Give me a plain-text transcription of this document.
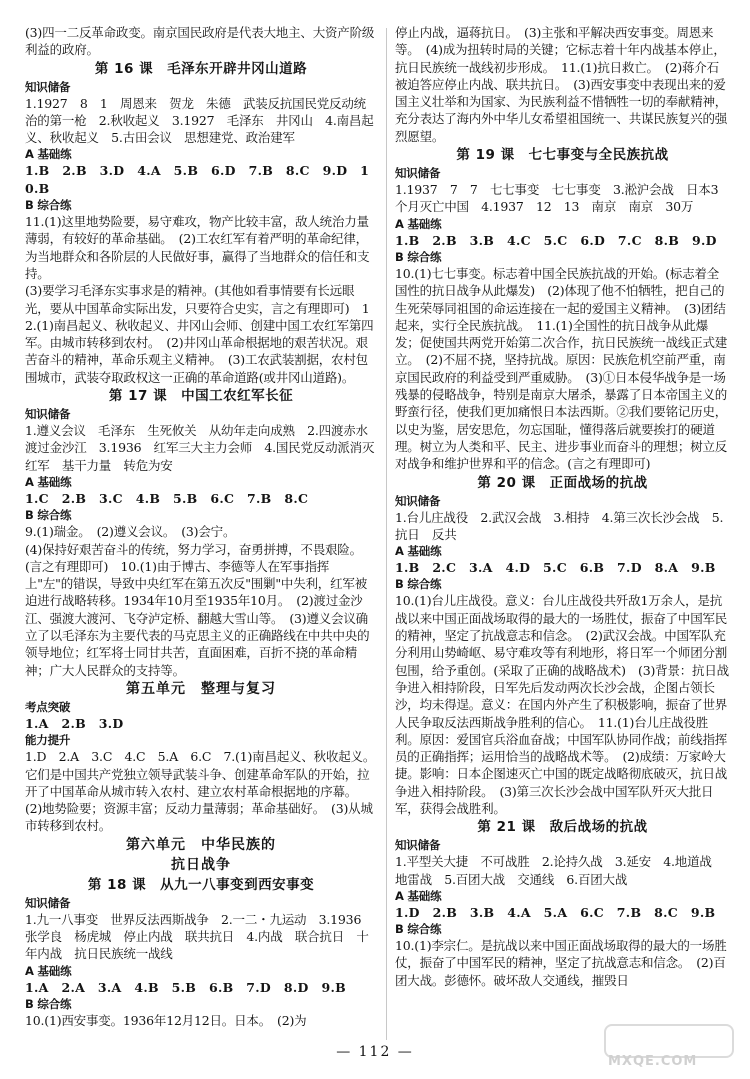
(3)四一二反革命政变。南京国民政府是代表大地主、大资产阶级利益的政府。
第 16 课　毛泽东开辟井冈山道路
知识储备
1.1927　8　1　周恩来　贺龙　朱德　武装反抗国民党反动统治的第一枪　2.秋收起义　3.1927　毛泽东　井冈山　4.南昌起义、秋收起义　5.古田会议　思想建党、政治建军
A 基础练
1.B　2.B　3.D　4.A　5.B　6.D　7.B　8.C　9.D　10.B
B 综合练
11.(1)这里地势险要，易守难攻，物产比较丰富，敌人统治力量薄弱，有较好的革命基础。　(2)工农红军有着严明的革命纪律，为当地群众和各阶层的人民做好事，赢得了当地群众的信任和支持。
(3)要学习毛泽东实事求是的精神。(其他如看事情要有长远眼光，要从中国革命实际出发，只要符合史实，言之有理即可)　12.(1)南昌起义、秋收起义、井冈山会师、创建中国工农红军第四军。由城市转移到农村。　(2)井冈山革命根据地的艰苦状况。艰苦奋斗的精神，革命乐观主义精神。　(3)工农武装割据，农村包围城市，武装夺取政权这一正确的革命道路(或井冈山道路)。
第 17 课　中国工农红军长征
知识储备
1.遵义会议　毛泽东　生死攸关　从幼年走向成熟　2.四渡赤水　渡过金沙江　3.1936　红军三大主力会师　4.国民党反动派消灭红军　基干力量　转危为安
A 基础练
1.C　2.B　3.C　4.B　5.B　6.C　7.B　8.C
B 综合练
9.(1)瑞金。　(2)遵义会议。　(3)会宁。
(4)保持好艰苦奋斗的传统，努力学习，奋勇拼搏，不畏艰险。(言之有理即可)　10.(1)由于博古、李德等人在军事指挥上"左"的错误，导致中央红军在第五次反"围剿"中失利，红军被迫进行战略转移。1934年10月至1935年10月。　(2)渡过金沙江、强渡大渡河、飞夺泸定桥、翻越大雪山等。　(3)遵义会议确立了以毛泽东为主要代表的马克思主义的正确路线在中共中央的领导地位；红军将士同甘共苦，直面困难，百折不挠的革命精神；广大人民群众的支持等。
第五单元　整理与复习
考点突破
1.A　2.B　3.D
能力提升
1.D　2.A　3.C　4.C　5.A　6.C　7.(1)南昌起义、秋收起义。它们是中国共产党独立领导武装斗争、创建革命军队的开始，拉开了中国革命从城市转入农村、建立农村革命根据地的序幕。　(2)地势险要；资源丰富；反动力量薄弱；革命基础好。　(3)从城市转移到农村。
第六单元　中华民族的
抗日战争
第 18 课　从九一八事变到西安事变
知识储备
1.九一八事变　世界反法西斯战争　2.一二・九运动　3.1936　张学良　杨虎城　停止内战　联共抗日　4.内战　联合抗日　十年内战　抗日民族统一战线
A 基础练
1.A　2.A　3.A　4.B　5.B　6.B　7.D　8.D　9.B
B 综合练
10.(1)西安事变。1936年12月12日。日本。　(2)为
停止内战，逼蒋抗日。　(3)主张和平解决西安事变。周恩来等。　(4)成为扭转时局的关键；它标志着十年内战基本停止，抗日民族统一战线初步形成。　11.(1)抗日救亡。　(2)蒋介石被迫答应停止内战、联共抗日。　(3)西安事变中表现出来的爱国主义壮举和为国家、为民族利益不惜牺牲一切的奉献精神，充分表达了海内外中华儿女希望祖国统一、共谋民族复兴的强烈愿望。
第 19 课　七七事变与全民族抗战
知识储备
1.1937　7　7　七七事变　七七事变　3.淞沪会战　日本3个月灭亡中国　4.1937　12　13　南京　南京　30万
A 基础练
1.B　2.B　3.B　4.C　5.C　6.D　7.C　8.B　9.D
B 综合练
10.(1)七七事变。标志着中国全民族抗战的开始。(标志着全国性的抗日战争从此爆发)　(2)体现了他不怕牺牲，把自己的生死荣辱同祖国的命运连接在一起的爱国主义精神。　(3)团结起来，实行全民族抗战。　11.(1)全国性的抗日战争从此爆发；促使国共两党开始第二次合作，抗日民族统一战线正式建立。　(2)不屈不挠，坚持抗战。原因：民族危机空前严重，南京国民政府的利益受到严重威胁。　(3)①日本侵华战争是一场残暴的侵略战争，特别是南京大屠杀，暴露了日本帝国主义的野蛮行径，使我们更加痛恨日本法西斯。②我们要铭记历史，以史为鉴，居安思危，勿忘国耻，懂得落后就要挨打的硬道理。树立为人类和平、民主、进步事业而奋斗的理想；树立反对战争和维护世界和平的信念。(言之有理即可)
第 20 课　正面战场的抗战
知识储备
1.台儿庄战役　2.武汉会战　3.相持　4.第三次长沙会战　5.抗日　反共
A 基础练
1.B　2.C　3.A　4.D　5.C　6.B　7.D　8.A　9.B
B 综合练
10.(1)台儿庄战役。意义：台儿庄战役共歼敌1万余人，是抗战以来中国正面战场取得的最大的一场胜仗，振奋了中国军民的精神，坚定了抗战意志和信念。　(2)武汉会战。中国军队充分利用山势崎岖、易守难攻等有利地形，将日军一个师团分割包围，给予重创。(采取了正确的战略战术)　(3)背景：抗日战争进入相持阶段，日军先后发动两次长沙会战，企图占领长沙，均未得逞。意义：在国内外产生了积极影响，振奋了世界人民争取反法西斯战争胜利的信心。　11.(1)台儿庄战役胜利。原因：爱国官兵浴血奋战；中国军队协同作战；前线指挥员的正确指挥；运用恰当的战略战术等。　(2)成绩：万家岭大捷。影响：日本企图速灭亡中国的既定战略彻底破灭，抗日战争进入相持阶段。　(3)第三次长沙会战中国军队歼灭大批日军，获得会战胜利。
第 21 课　敌后战场的抗战
知识储备
1.平型关大捷　不可战胜　2.论持久战　3.延安　4.地道战　地雷战　5.百团大战　交通线　6.百团大战
A 基础练
1.D　2.B　3.B　4.A　5.A　6.C　7.B　8.C　9.B
B 综合练
10.(1)李宗仁。是抗战以来中国正面战场取得的最大的一场胜仗，振奋了中国军民的精神，坚定了抗战意志和信念。　(2)百团大战。彭德怀。破坏敌人交通线，摧毁日
— 112 —
MXQE.COM
